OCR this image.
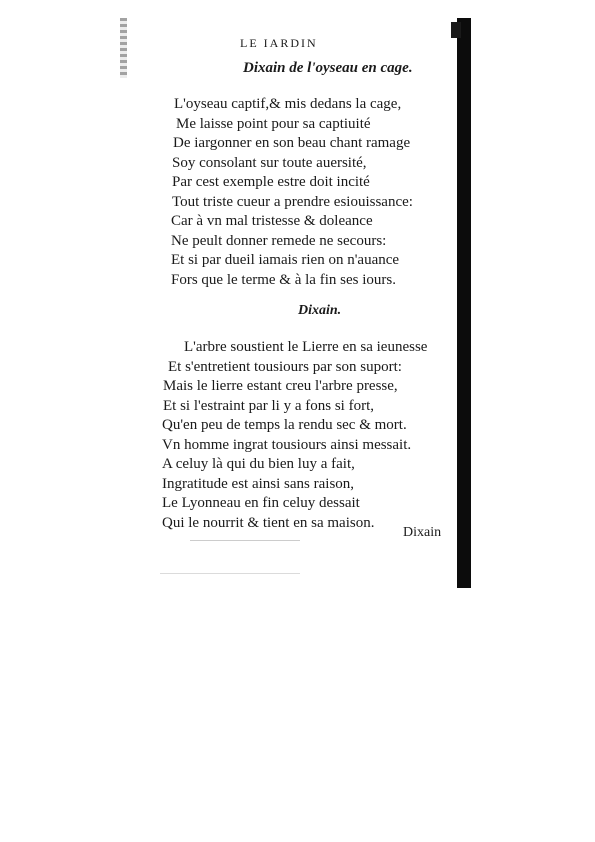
LE IARDIN
Dixain de l'oyseau en cage.
L'oyseau captif,& mis dedans la cage,
Me laisse point pour sa captiuité
De iargonner en son beau chant ramage
Soy consolant sur toute auersité,
Par cest exemple estre doit incité
Tout triste cueur a prendre esiouissance:
Car à vn mal tristesse & doleance
Ne peult donner remede ne secours:
Et si par dueil iamais rien on n'auance
Fors que le terme & à la fin ses iours.
Dixain.
L'arbre soustient le Lierre en sa ieunesse
Et s'entretient tousiours par son suport:
Mais le lierre estant creu l'arbre presse,
Et si l'estraint par li y a fons si fort,
Qu'en peu de temps la rendu sec & mort.
Vn homme ingrat tousiours ainsi messait.
A celuy là qui du bien luy a fait,
Ingratitude est ainsi sans raison,
Le Lyonneau en fin celuy dessait
Qui le nourrit & tient en sa maison.
Dixain
